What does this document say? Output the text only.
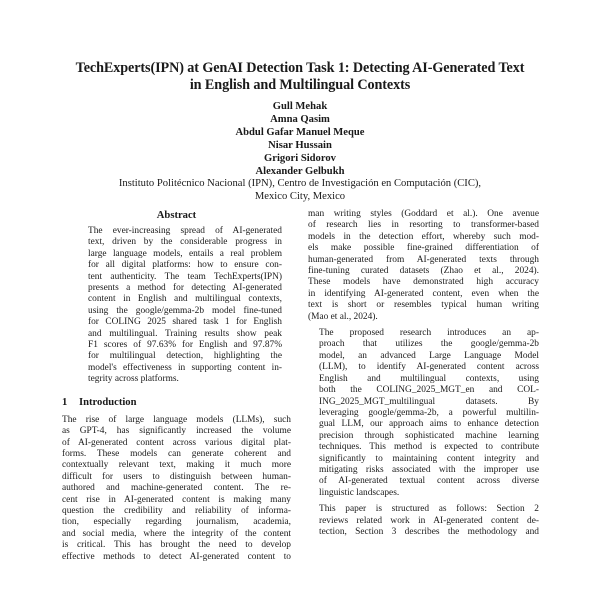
TechExperts(IPN) at GenAI Detection Task 1: Detecting AI-Generated Text
in English and Multilingual Contexts
Gull Mehak
Amna Qasim
Abdul Gafar Manuel Meque
Nisar Hussain
Grigori Sidorov
Alexander Gelbukh
Instituto Politécnico Nacional (IPN), Centro de Investigación en Computación (CIC),
Mexico City, Mexico
Abstract
The ever-increasing spread of AI-generated
text, driven by the considerable progress in
large language models, entails a real problem
for all digital platforms: how to ensure con-
tent authenticity. The team TechExperts(IPN)
presents a method for detecting AI-generated
content in English and multilingual contexts,
using the google/gemma-2b model fine-tuned
for COLING 2025 shared task 1 for English
and multilingual. Training results show peak
F1 scores of 97.63% for English and 97.87%
for multilingual detection, highlighting the
model's effectiveness in supporting content in-
tegrity across platforms.
1 Introduction
The rise of large language models (LLMs), such
as GPT-4, has significantly increased the volume
of AI-generated content across various digital plat-
forms. These models can generate coherent and
contextually relevant text, making it much more
difficult for users to distinguish between human-
authored and machine-generated content. The re-
cent rise in AI-generated content is making many
question the credibility and reliability of informa-
tion, especially regarding journalism, academia,
and social media, where the integrity of the content
is critical. This has brought the need to develop
effective methods to detect AI-generated content to
man writing styles (Goddard et al.). One avenue
of research lies in resorting to transformer-based
models in the detection effort, whereby such mod-
els make possible fine-grained differentiation of
human-generated from AI-generated texts through
fine-tuning curated datasets (Zhao et al., 2024).
These models have demonstrated high accuracy
in identifying AI-generated content, even when the
text is short or resembles typical human writing
(Mao et al., 2024).
The proposed research introduces an ap-
proach that utilizes the google/gemma-2b
model, an advanced Large Language Model
(LLM), to identify AI-generated content across
English and multilingual contexts, using
both the COLING_2025_MGT_en and COL-
ING_2025_MGT_multilingual datasets. By
leveraging google/gemma-2b, a powerful multilin-
gual LLM, our approach aims to enhance detection
precision through sophisticated machine learning
techniques. This method is expected to contribute
significantly to maintaining content integrity and
mitigating risks associated with the improper use
of AI-generated textual content across diverse
linguistic landscapes.
This paper is structured as follows: Section 2
reviews related work in AI-generated content de-
tection, Section 3 describes the methodology and
